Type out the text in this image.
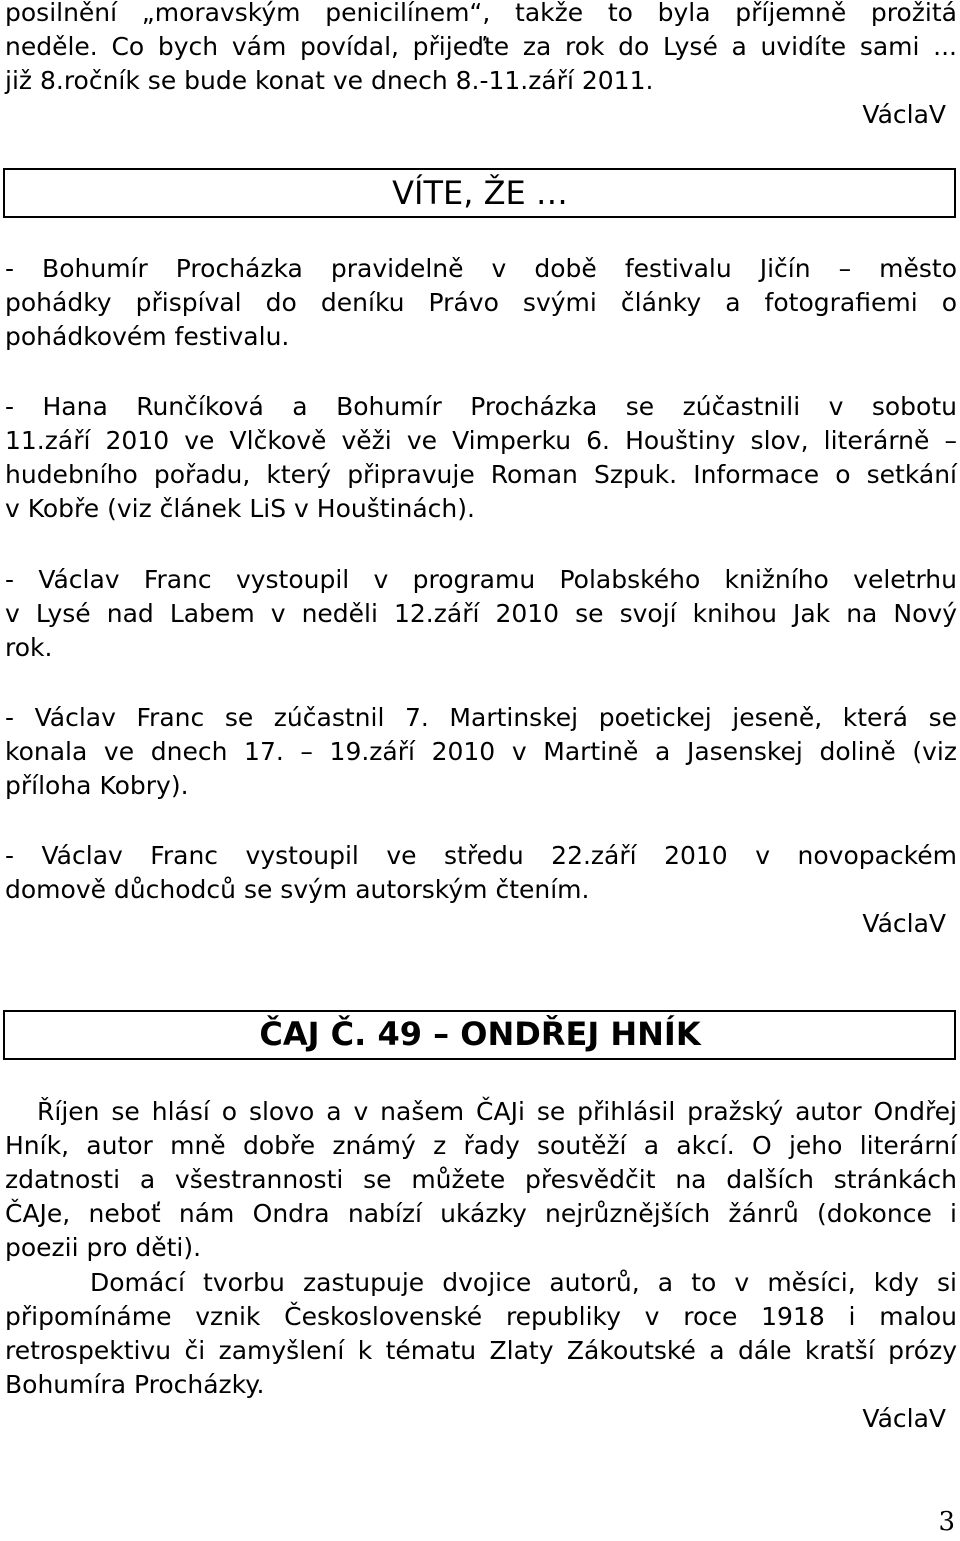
posilnění „moravským penicilínem“, takže to byla příjemně prožitá
neděle. Co bych vám povídal, přijeďte za rok do Lysé a uvidíte sami ...
již 8.ročník se bude konat ve dnech 8.-11.září 2011.
VáclaV
VÍTE, ŽE …
- Bohumír Procházka pravidelně v době festivalu Jičín – město
pohádky přispíval do deníku Právo svými články a fotografiemi o
pohádkovém festivalu.
- Hana Runčíková a Bohumír Procházka se zúčastnili v sobotu
11.září 2010 ve Vlčkově věži ve Vimperku 6. Houštiny slov, literárně –
hudebního pořadu, který připravuje Roman Szpuk. Informace o setkání
v Kobře (viz článek LiS v Houštinách).
- Václav Franc vystoupil v programu Polabského knižního veletrhu
v Lysé nad Labem v neděli 12.září 2010 se svojí knihou Jak na Nový
rok.
- Václav Franc se zúčastnil 7. Martinskej poetickej jeseně, která se
konala ve dnech 17. – 19.září 2010 v Martině a Jasenskej dolině (viz
příloha Kobry).
- Václav Franc vystoupil ve středu 22.září 2010 v novopackém
domově důchodců se svým autorským čtením.
VáclaV
ČAJ Č. 49 – ONDŘEJ HNÍK
Říjen se hlásí o slovo a v našem ČAJi se přihlásil pražský autor Ondřej
Hník, autor mně dobře známý z řady soutěží a akcí. O jeho literární
zdatnosti a všestrannosti se můžete přesvědčit na dalších stránkách
ČAJe, neboť nám Ondra nabízí ukázky nejrůznějších žánrů (dokonce i
poezii pro děti).
Domácí tvorbu zastupuje dvojice autorů, a to v měsíci, kdy si
připomínáme vznik Československé republiky v roce 1918 i malou
retrospektivu či zamyšlení k tématu Zlaty Zákoutské a dále kratší prózy
Bohumíra Procházky.
VáclaV
3
